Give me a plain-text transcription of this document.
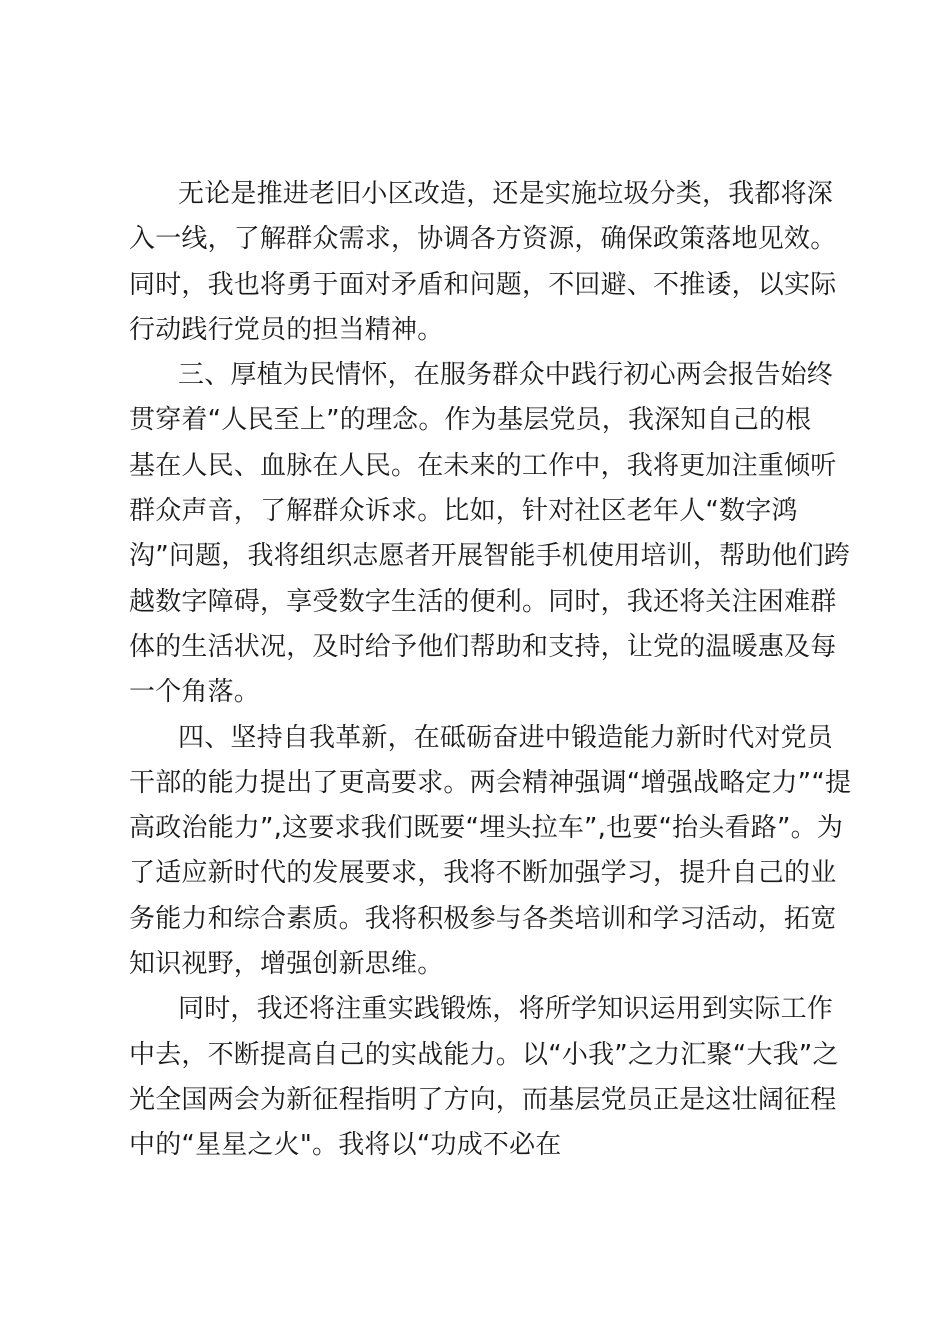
无论是推进老旧小区改造，还是实施垃圾分类，我都将深
入一线，了解群众需求，协调各方资源，确保政策落地见效。
同时，我也将勇于面对矛盾和问题，不回避、不推诿，以实际
行动践行党员的担当精神。
三、厚植为民情怀，在服务群众中践行初心两会报告始终
贯穿着“人民至上”的理念。作为基层党员，我深知自己的根
基在人民、血脉在人民。在未来的工作中，我将更加注重倾听
群众声音，了解群众诉求。比如，针对社区老年人“数字鸿
沟”问题，我将组织志愿者开展智能手机使用培训，帮助他们跨
越数字障碍，享受数字生活的便利。同时，我还将关注困难群
体的生活状况，及时给予他们帮助和支持，让党的温暖惠及每
一个角落。
四、坚持自我革新，在砥砺奋进中锻造能力新时代对党员
干部的能力提出了更高要求。两会精神强调“增强战略定力”“提
高政治能力”,这要求我们既要“埋头拉车”,也要“抬头看路”。为
了适应新时代的发展要求，我将不断加强学习，提升自己的业
务能力和综合素质。我将积极参与各类培训和学习活动，拓宽
知识视野，增强创新思维。
同时，我还将注重实践锻炼，将所学知识运用到实际工作
中去，不断提高自己的实战能力。以“小我”之力汇聚“大我”之
光全国两会为新征程指明了方向，而基层党员正是这壮阔征程
中的“星星之火"。我将以“功成不必在
